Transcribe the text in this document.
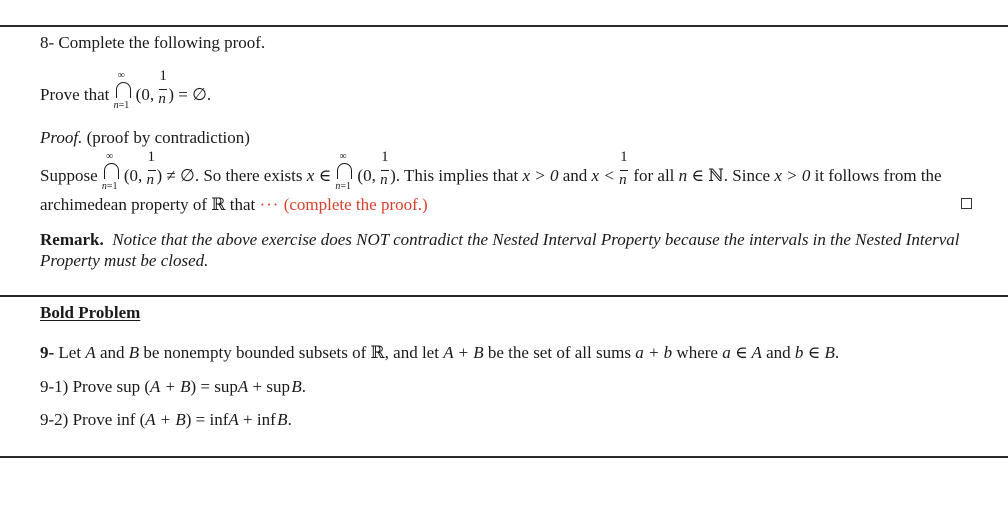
8- Complete the following proof.
Prove that
∞
n=1
(0, $\frac{1}{n}$ ) = ∅.
Proof. (proof by contradiction)
Suppose
∞
n=1
(0, $\frac{1}{n}$ ) ≠ ∅. So there exists x ∈
∞
n=1
(0, $\frac{1}{n}$ ). This implies that x > 0 and $x < \frac{1}{n}$ for all n ∈ ℕ. Since x > 0 it follows from the
archimedean property of ℝ that ··· (complete the proof.)
Remark. Notice that the above exercise does NOT contradict the Nested Interval Property because the intervals in the Nested Interval Property must be closed.
Bold Problem
9- Let A and B be nonempty bounded subsets of ℝ, and let A + B be the set of all sums a + b where a ∈ A and b ∈ B.
9-1) Prove sup (A + B) = supA + sup B.
9-2) Prove inf (A + B) = infA + inf B.
